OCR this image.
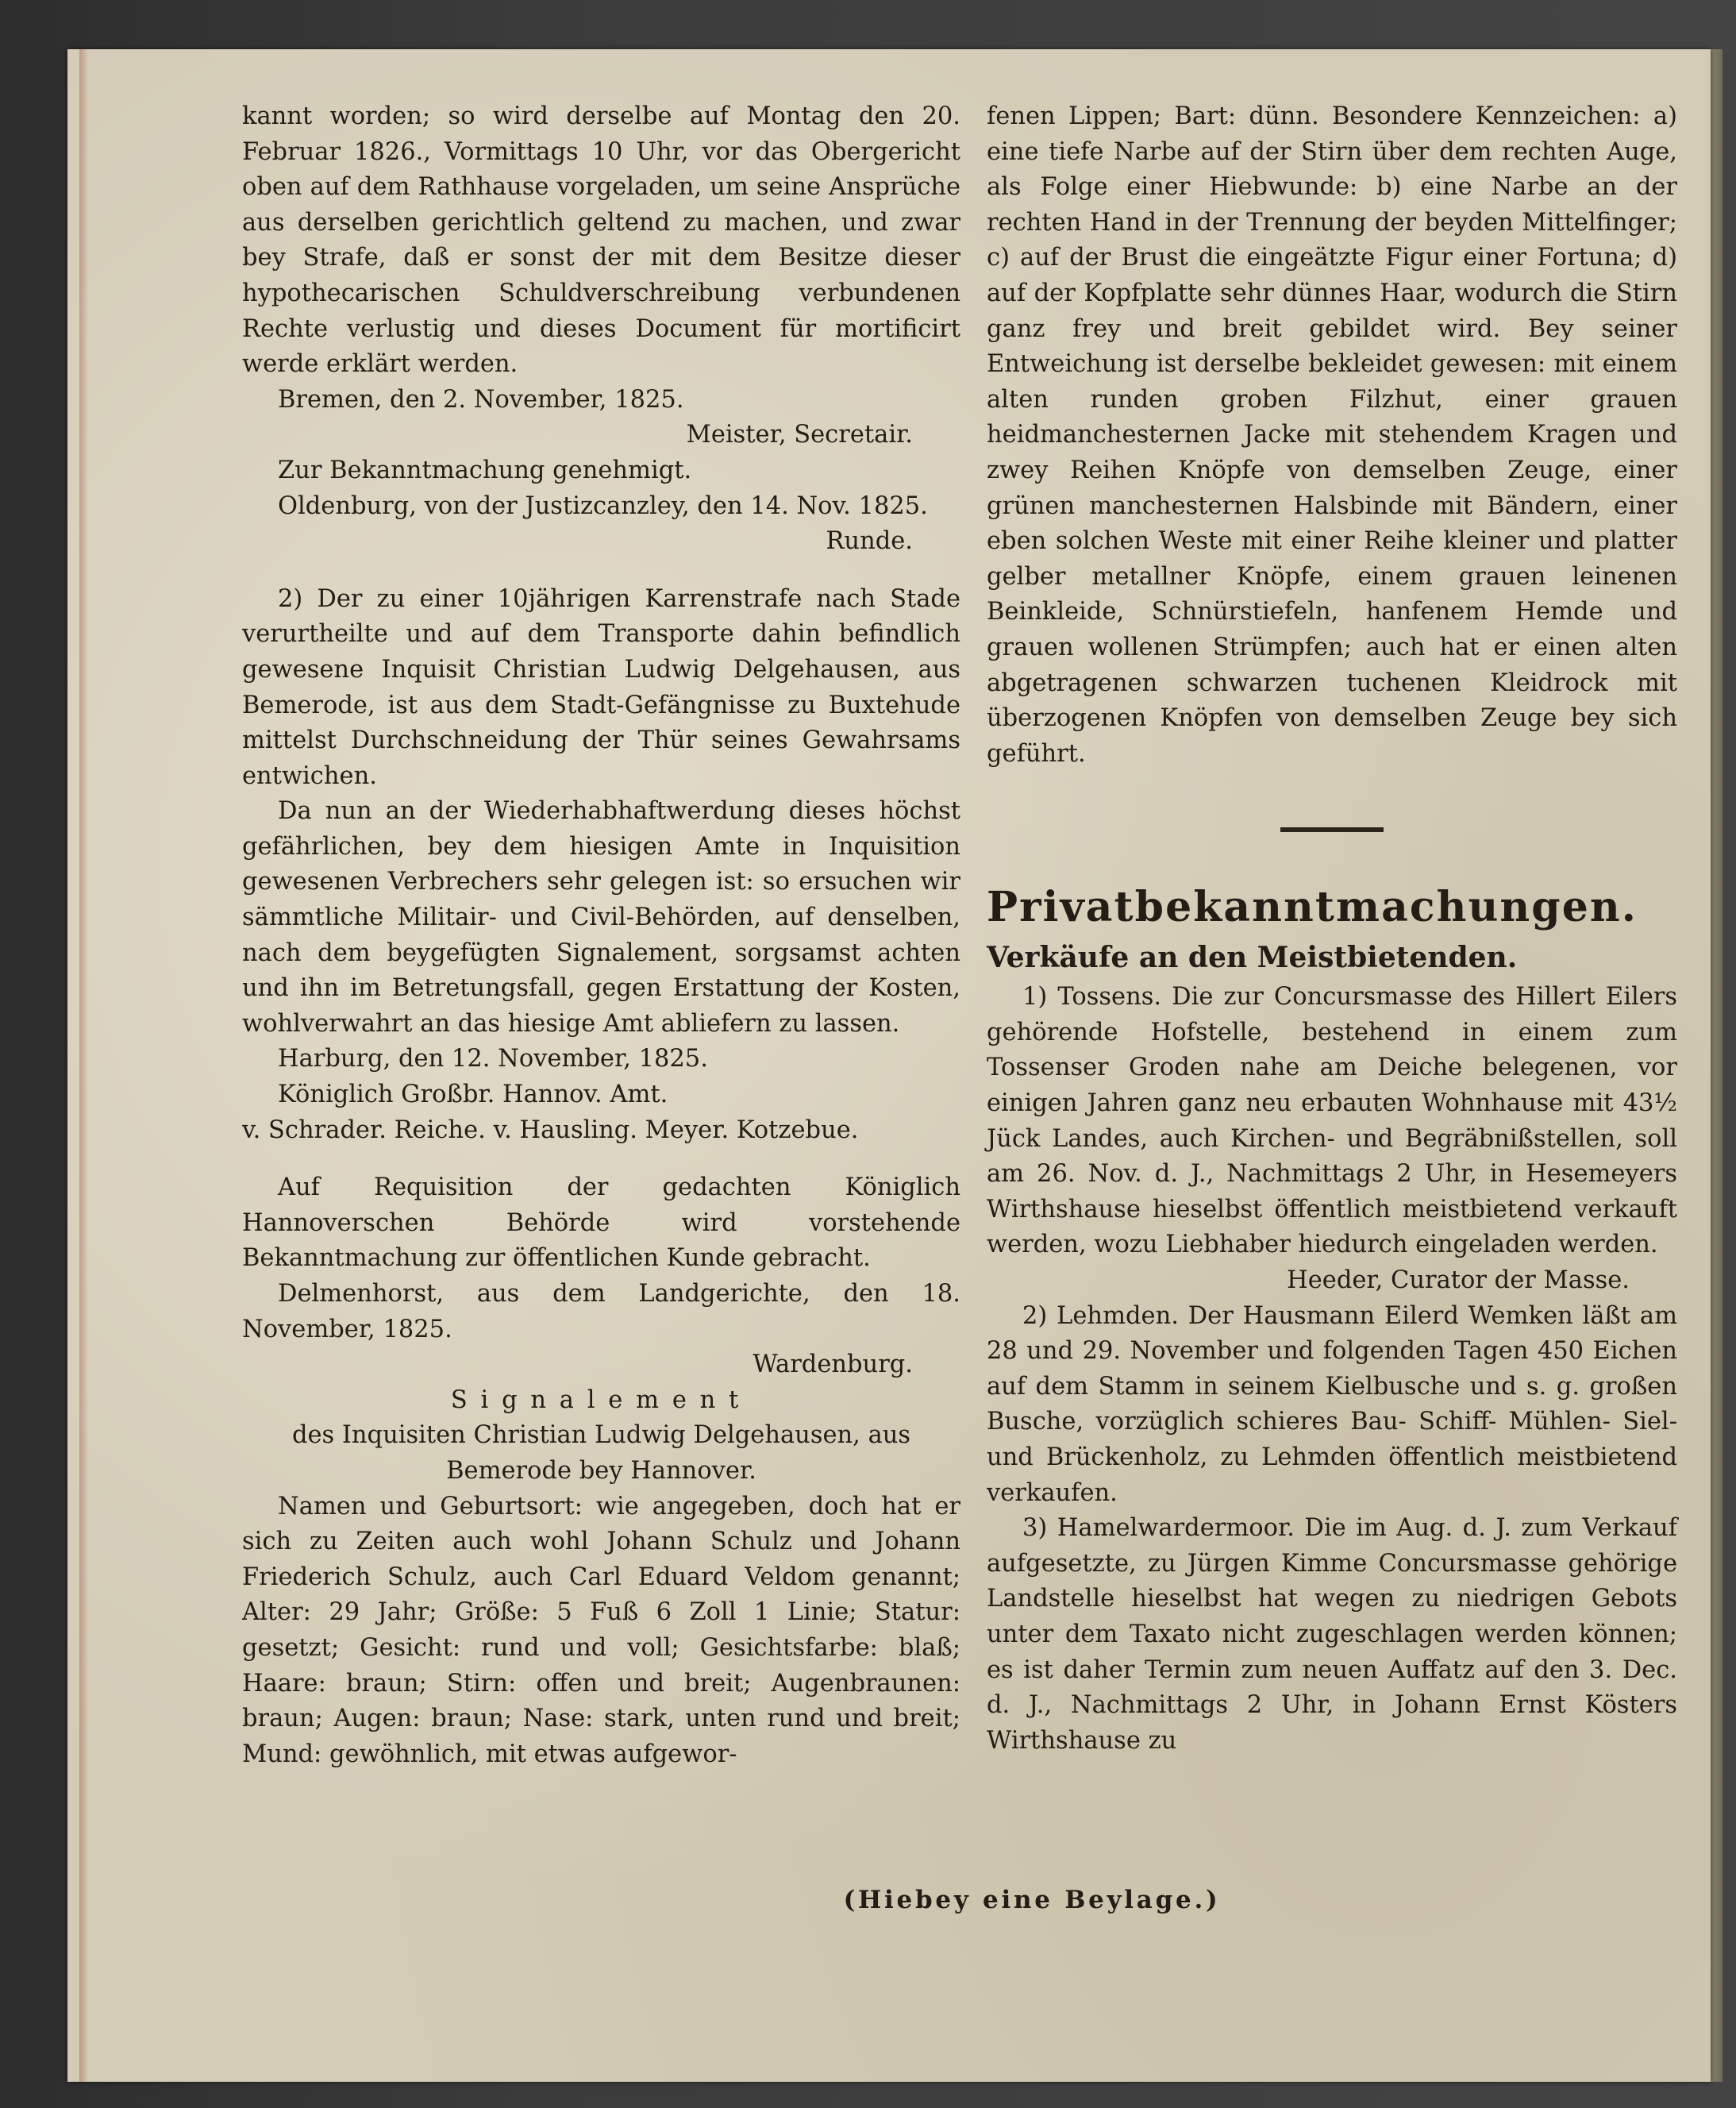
kannt worden; so wird derselbe auf Montag den 20. Februar 1826., Vormittags 10 Uhr, vor das Obergericht oben auf dem Rathhause vorgeladen, um seine Ansprüche aus derselben gerichtlich geltend zu machen, und zwar bey Strafe, daß er sonst der mit dem Besitze dieser hypothecarischen Schuldverschreibung verbundenen Rechte verlustig und dieses Document für mortificirt werde erklärt werden.

Bremen, den 2. November, 1825.

Meister, Secretair.

Zur Bekanntmachung genehmigt.

Oldenburg, von der Justizcanzley, den 14. Nov. 1825.

Runde.

2) Der zu einer 10jährigen Karrenstrafe nach Stade verurtheilte und auf dem Transporte dahin befindlich gewesene Inquisit Christian Ludwig Delgehausen, aus Bemerode, ist aus dem Stadt-Gefängnisse zu Buxtehude mittelst Durchschneidung der Thür seines Gewahrsams entwichen.

Da nun an der Wiederhabhaftwerdung dieses höchst gefährlichen, bey dem hiesigen Amte in Inquisition gewesenen Verbrechers sehr gelegen ist: so ersuchen wir sämmtliche Militair- und Civil-Behörden, auf denselben, nach dem beygefügten Signalement, sorgsamst achten und ihn im Betretungsfall, gegen Erstattung der Kosten, wohlverwahrt an das hiesige Amt abliefern zu lassen.

Harburg, den 12. November, 1825.

Königlich Großbr. Hannov. Amt.

v. Schrader. Reiche. v. Hausling. Meyer. Kotzebue.

Auf Requisition der gedachten Königlich Hannoverschen Behörde wird vorstehende Bekanntmachung zur öffentlichen Kunde gebracht.

Delmenhorst, aus dem Landgerichte, den 18. November, 1825.

Wardenburg.

Signalement

des Inquisiten Christian Ludwig Delgehausen, aus Bemerode bey Hannover.

Namen und Geburtsort: wie angegeben, doch hat er sich zu Zeiten auch wohl Johann Schulz und Johann Friederich Schulz, auch Carl Eduard Veldom genannt; Alter: 29 Jahr; Größe: 5 Fuß 6 Zoll 1 Linie; Statur: gesetzt; Gesicht: rund und voll; Gesichtsfarbe: blaß; Haare: braun; Stirn: offen und breit; Augenbraunen: braun; Augen: braun; Nase: stark, unten rund und breit; Mund: gewöhnlich, mit etwas aufgewor-

fenen Lippen; Bart: dünn. Besondere Kennzeichen: a) eine tiefe Narbe auf der Stirn über dem rechten Auge, als Folge einer Hiebwunde: b) eine Narbe an der rechten Hand in der Trennung der beyden Mittelfinger; c) auf der Brust die eingeätzte Figur einer Fortuna; d) auf der Kopfplatte sehr dünnes Haar, wodurch die Stirn ganz frey und breit gebildet wird. Bey seiner Entweichung ist derselbe bekleidet gewesen: mit einem alten runden groben Filzhut, einer grauen heidmanchesternen Jacke mit stehendem Kragen und zwey Reihen Knöpfe von demselben Zeuge, einer grünen manchesternen Halsbinde mit Bändern, einer eben solchen Weste mit einer Reihe kleiner und platter gelber metallner Knöpfe, einem grauen leinenen Beinkleide, Schnürstiefeln, hanfenem Hemde und grauen wollenen Strümpfen; auch hat er einen alten abgetragenen schwarzen tuchenen Kleidrock mit überzogenen Knöpfen von demselben Zeuge bey sich geführt.

Privatbekanntmachungen.

Verkäufe an den Meistbietenden.

1) Tossens. Die zur Concursmasse des Hillert Eilers gehörende Hofstelle, bestehend in einem zum Tossenser Groden nahe am Deiche belegenen, vor einigen Jahren ganz neu erbauten Wohnhause mit 43½ Jück Landes, auch Kirchen- und Begräbnißstellen, soll am 26. Nov. d. J., Nachmittags 2 Uhr, in Hesemeyers Wirthshause hieselbst öffentlich meistbietend verkauft werden, wozu Liebhaber hiedurch eingeladen werden.

Heeder, Curator der Masse.

2) Lehmden. Der Hausmann Eilerd Wemken läßt am 28 und 29. November und folgenden Tagen 450 Eichen auf dem Stamm in seinem Kielbusche und s. g. großen Busche, vorzüglich schieres Bau- Schiff- Mühlen- Siel- und Brückenholz, zu Lehmden öffentlich meistbietend verkaufen.

3) Hamelwardermoor. Die im Aug. d. J. zum Verkauf aufgesetzte, zu Jürgen Kimme Concursmasse gehörige Landstelle hieselbst hat wegen zu niedrigen Gebots unter dem Taxato nicht zugeschlagen werden können; es ist daher Termin zum neuen Auffatz auf den 3. Dec. d. J., Nachmittags 2 Uhr, in Johann Ernst Kösters Wirthshause zu

(Hiebey eine Beylage.)
